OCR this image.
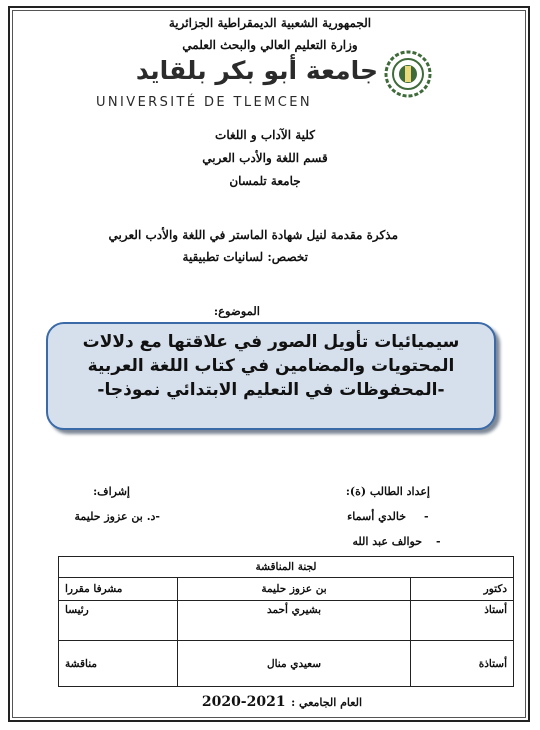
الجمهورية الشعبية الديمقراطية الجزائرية
وزارة التعليم العالي والبحث العلمي
جامعة أبو بكر بلقايد
UNIVERSITÉ DE TLEMCEN
كلية الآداب و اللغات
قسم اللغة والأدب العربي
جامعة تلمسان
مذكرة مقدمة لنيل شهادة الماستر في اللغة والأدب العربي
تخصص: لسانيات تطبيقية
الموضوع:
سيميائيات تأويل الصور في علاقتها مع دلالات
المحتويات والمضامين في كتاب اللغة العربية
-المحفوظات في التعليم الابتدائي نموذجا-
إعداد الطالب (ة):
-
خالدي أسماء
-
حوالف عبد الله
إشراف:
-د. بن عزوز حليمة
لجنة المناقشة		
دكتور	بن عزوز حليمة	مشرفا مقررا
أستاذ	بشيري أحمد	رئيسا
أستاذة	سعيدي منال	مناقشة
العام الجامعي : 2020-2021
